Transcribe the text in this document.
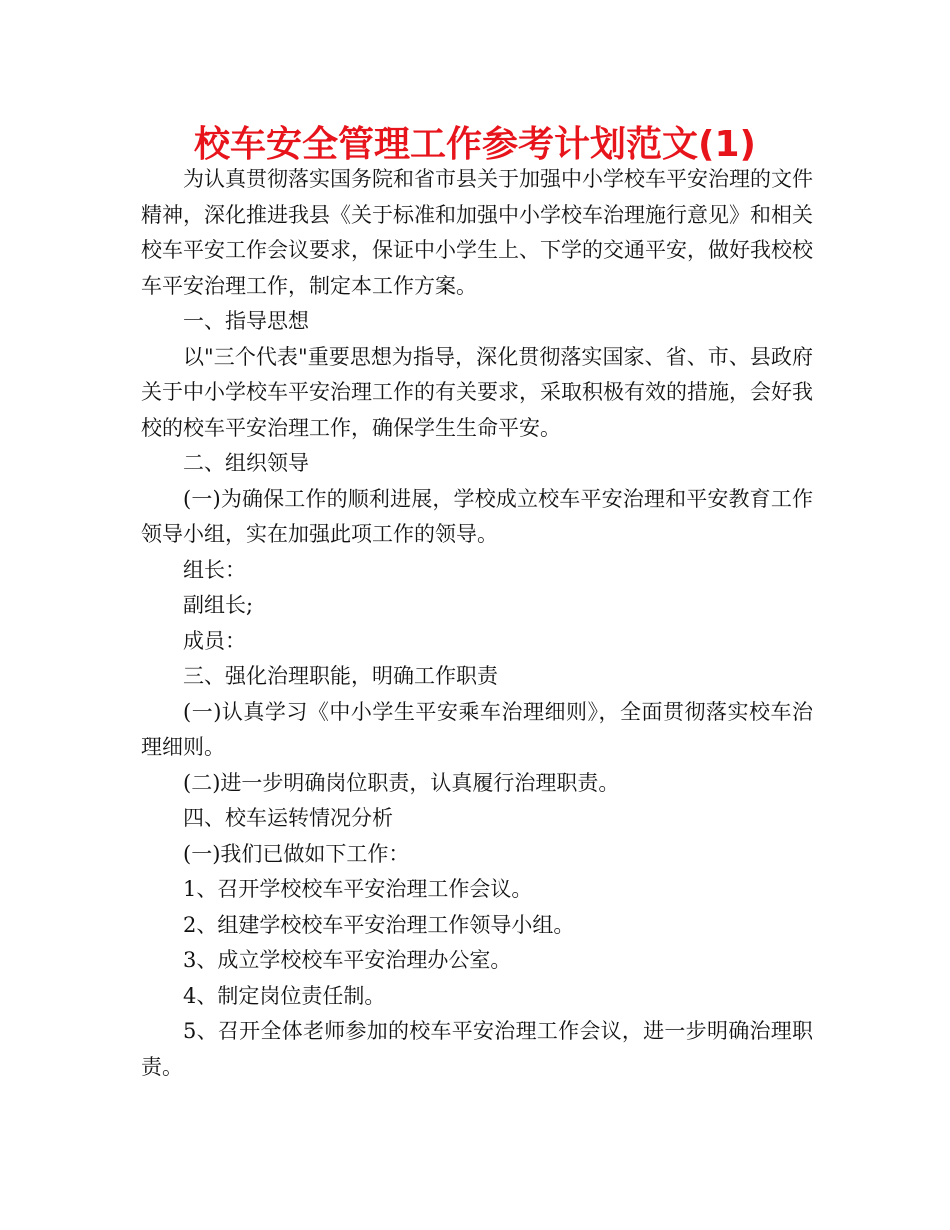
校车安全管理工作参考计划范文(1)

为认真贯彻落实国务院和省市县关于加强中小学校车平安治理的文件精神，深化推进我县《关于标准和加强中小学校车治理施行意见》和相关校车平安工作会议要求，保证中小学生上、下学的交通平安，做好我校校车平安治理工作，制定本工作方案。

一、指导思想

以"三个代表"重要思想为指导，深化贯彻落实国家、省、市、县政府关于中小学校车平安治理工作的有关要求，采取积极有效的措施，会好我校的校车平安治理工作，确保学生生命平安。

二、组织领导

(一)为确保工作的顺利进展，学校成立校车平安治理和平安教育工作领导小组，实在加强此项工作的领导。

组长：

副组长;

成员：

三、强化治理职能，明确工作职责

(一)认真学习《中小学生平安乘车治理细则》，全面贯彻落实校车治理细则。

(二)进一步明确岗位职责，认真履行治理职责。

四、校车运转情况分析

(一)我们已做如下工作：

1、召开学校校车平安治理工作会议。

2、组建学校校车平安治理工作领导小组。

3、成立学校校车平安治理办公室。

4、制定岗位责任制。

5、召开全体老师参加的校车平安治理工作会议，进一步明确治理职责。
